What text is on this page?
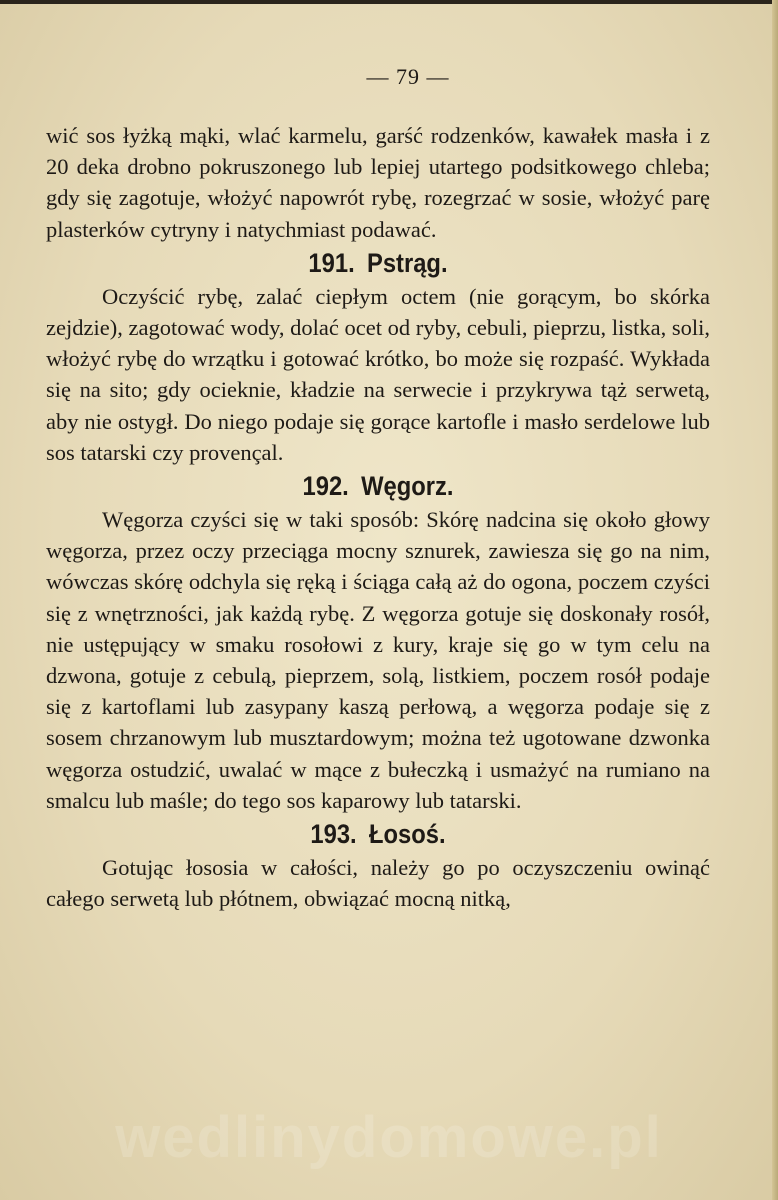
— 79 —

wić sos łyżką mąki, wlać karmelu, garść rodzenków, kawałek masła i z 20 deka drobno pokruszonego lub lepiej utartego podsitkowego chleba; gdy się zagotuje, włożyć napowrót rybę, rozegrzać w sosie, włożyć parę plasterków cytryny i natychmiast podawać.

191. Pstrąg.

Oczyścić rybę, zalać ciepłym octem (nie gorącym, bo skórka zejdzie), zagotować wody, dolać ocet od ryby, cebuli, pieprzu, listka, soli, włożyć rybę do wrzątku i gotować krótko, bo może się rozpaść. Wykłada się na sito; gdy ocieknie, kładzie na serwecie i przykrywa tąż serwetą, aby nie ostygł. Do niego podaje się gorące kartofle i masło serdelowe lub sos tatarski czy provençal.

192. Węgorz.

Węgorza czyści się w taki sposób: Skórę nadcina się około głowy węgorza, przez oczy przeciąga mocny sznurek, zawiesza się go na nim, wówczas skórę odchyla się ręką i ściąga całą aż do ogona, poczem czyści się z wnętrzności, jak każdą rybę. Z węgorza gotuje się doskonały rosół, nie ustępujący w smaku rosołowi z kury, kraje się go w tym celu na dzwona, gotuje z cebulą, pieprzem, solą, listkiem, poczem rosół podaje się z kartoflami lub zasypany kaszą perłową, a węgorza podaje się z sosem chrzanowym lub musztardowym; można też ugotowane dzwonka węgorza ostudzić, uwalać w mące z bułeczką i usmażyć na rumiano na smalcu lub maśle; do tego sos kaparowy lub tatarski.

193. Łosoś.

Gotując łososia w całości, należy go po oczyszczeniu owinąć całego serwetą lub płótnem, obwiązać mocną nitką,

wedlinydomowe.pl
